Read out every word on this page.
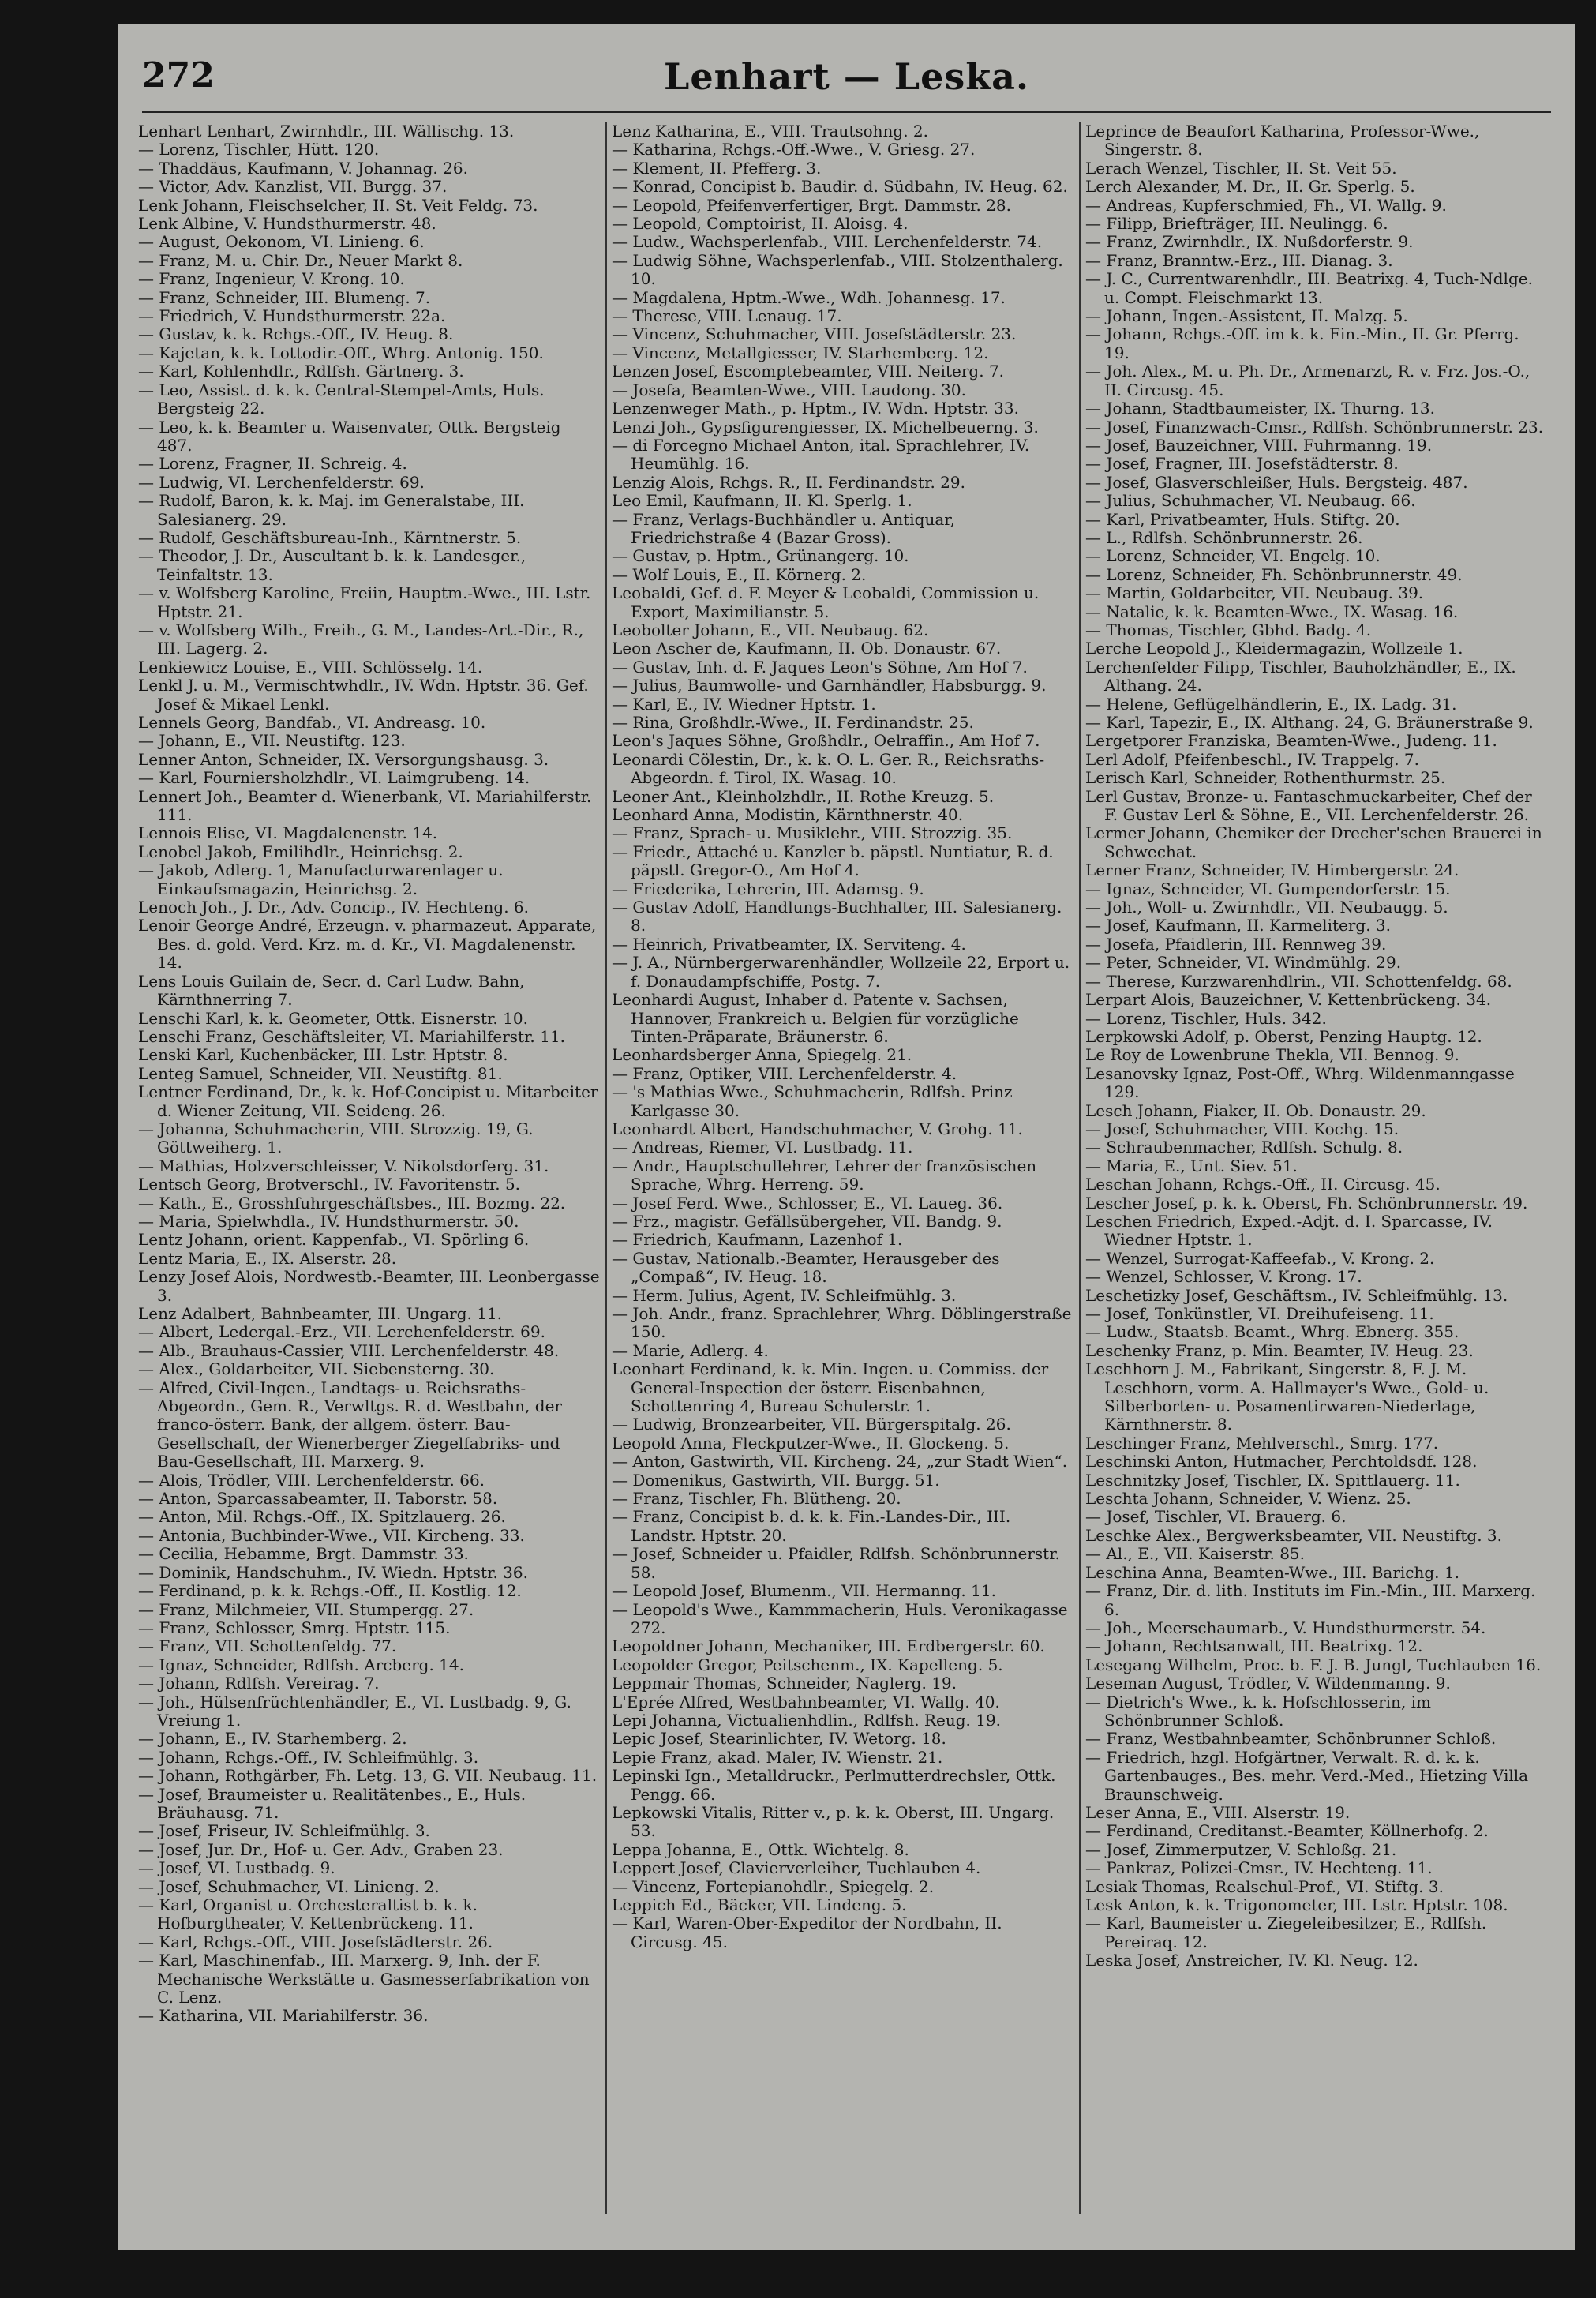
272	Lenhart — Leska.

Lenhart Lenhart, Zwirnhdlr., III. Wällischg. 13.

— Lorenz, Tischler, Hütt. 120.

— Thaddäus, Kaufmann, V. Johannag. 26.

— Victor, Adv. Kanzlist, VII. Burgg. 37.

Lenk Johann, Fleischselcher, II. St. Veit Feldg. 73.

Lenk Albine, V. Hundsthurmerstr. 48.

— August, Oekonom, VI. Linieng. 6.

— Franz, M. u. Chir. Dr., Neuer Markt 8.

— Franz, Ingenieur, V. Krong. 10.

— Franz, Schneider, III. Blumeng. 7.

— Friedrich, V. Hundsthurmerstr. 22a.

— Gustav, k. k. Rchgs.-Off., IV. Heug. 8.

— Kajetan, k. k. Lottodir.-Off., Whrg. Antonig. 150.

— Karl, Kohlenhdlr., Rdlfsh. Gärtnerg. 3.

— Leo, Assist. d. k. k. Central-Stempel-Amts, Huls. Bergsteig 22.

— Leo, k. k. Beamter u. Waisenvater, Ottk. Bergsteig 487.

— Lorenz, Fragner, II. Schreig. 4.

— Ludwig, VI. Lerchenfelderstr. 69.

— Rudolf, Baron, k. k. Maj. im Generalstabe, III. Salesianerg. 29.

— Rudolf, Geschäftsbureau-Inh., Kärntnerstr. 5.

— Theodor, J. Dr., Auscultant b. k. k. Landesger., Teinfaltstr. 13.

— v. Wolfsberg Karoline, Freiin, Hauptm.-Wwe., III. Lstr. Hptstr. 21.

— v. Wolfsberg Wilh., Freih., G. M., Landes-Art.-Dir., R., III. Lagerg. 2.

Lenkiewicz Louise, E., VIII. Schlösselg. 14.

Lenkl J. u. M., Vermischtwhdlr., IV. Wdn. Hptstr. 36. Gef. Josef & Mikael Lenkl.

Lennels Georg, Bandfab., VI. Andreasg. 10.

— Johann, E., VII. Neustiftg. 123.

Lenner Anton, Schneider, IX. Versorgungshausg. 3.

— Karl, Fourniersholzhdlr., VI. Laimgrubeng. 14.

Lennert Joh., Beamter d. Wienerbank, VI. Mariahilferstr. 111.

Lennois Elise, VI. Magdalenenstr. 14.

Lenobel Jakob, Emilihdlr., Heinrichsg. 2.

— Jakob, Adlerg. 1, Manufacturwarenlager u. Einkaufsmagazin, Heinrichsg. 2.

Lenoch Joh., J. Dr., Adv. Concip., IV. Hechteng. 6.

Lenoir George André, Erzeugn. v. pharmazeut. Apparate, Bes. d. gold. Verd. Krz. m. d. Kr., VI. Magdalenenstr. 14.

Lens Louis Guilain de, Secr. d. Carl Ludw. Bahn, Kärnthnerring 7.

Lenschi Karl, k. k. Geometer, Ottk. Eisnerstr. 10.

Lenschi Franz, Geschäftsleiter, VI. Mariahilferstr. 11.

Lenski Karl, Kuchenbäcker, III. Lstr. Hptstr. 8.

Lenteg Samuel, Schneider, VII. Neustiftg. 81.

Lentner Ferdinand, Dr., k. k. Hof-Concipist u. Mitarbeiter d. Wiener Zeitung, VII. Seideng. 26.

— Johanna, Schuhmacherin, VIII. Strozzig. 19, G. Göttweiherg. 1.

— Mathias, Holzverschleisser, V. Nikolsdorferg. 31.

Lentsch Georg, Brotverschl., IV. Favoritenstr. 5.

— Kath., E., Grosshfuhrgeschäftsbes., III. Bozmg. 22.

— Maria, Spielwhdla., IV. Hundsthurmerstr. 50.

Lentz Johann, orient. Kappenfab., VI. Spörling 6.

Lentz Maria, E., IX. Alserstr. 28.

Lenzy Josef Alois, Nordwestb.-Beamter, III. Leonbergasse 3.

Lenz Adalbert, Bahnbeamter, III. Ungarg. 11.

— Albert, Ledergal.-Erz., VII. Lerchenfelderstr. 69.

— Alb., Brauhaus-Cassier, VIII. Lerchenfelderstr. 48.

— Alex., Goldarbeiter, VII. Siebensterng. 30.

— Alfred, Civil-Ingen., Landtags- u. Reichsraths-Abgeordn., Gem. R., Verwltgs. R. d. Westbahn, der franco-österr. Bank, der allgem. österr. Bau-Gesellschaft, der Wienerberger Ziegelfabriks- und Bau-Gesellschaft, III. Marxerg. 9.

— Alois, Trödler, VIII. Lerchenfelderstr. 66.

— Anton, Sparcassabeamter, II. Taborstr. 58.

— Anton, Mil. Rchgs.-Off., IX. Spitzlauerg. 26.

— Antonia, Buchbinder-Wwe., VII. Kircheng. 33.

— Cecilia, Hebamme, Brgt. Dammstr. 33.

— Dominik, Handschuhm., IV. Wiedn. Hptstr. 36.

— Ferdinand, p. k. k. Rchgs.-Off., II. Kostlig. 12.

— Franz, Milchmeier, VII. Stumpergg. 27.

— Franz, Schlosser, Smrg. Hptstr. 115.

— Franz, VII. Schottenfeldg. 77.

— Ignaz, Schneider, Rdlfsh. Arcberg. 14.

— Johann, Rdlfsh. Vereirag. 7.

— Joh., Hülsenfrüchtenhändler, E., VI. Lustbadg. 9, G. Vreiung 1.

— Johann, E., IV. Starhemberg. 2.

— Johann, Rchgs.-Off., IV. Schleifmühlg. 3.

— Johann, Rothgärber, Fh. Letg. 13, G. VII. Neubaug. 11.

— Josef, Braumeister u. Realitätenbes., E., Huls. Bräuhausg. 71.

— Josef, Friseur, IV. Schleifmühlg. 3.

— Josef, Jur. Dr., Hof- u. Ger. Adv., Graben 23.

— Josef, VI. Lustbadg. 9.

— Josef, Schuhmacher, VI. Linieng. 2.

— Karl, Organist u. Orchesteraltist b. k. k. Hofburgtheater, V. Kettenbrückeng. 11.

— Karl, Rchgs.-Off., VIII. Josefstädterstr. 26.

— Karl, Maschinenfab., III. Marxerg. 9, Inh. der F. Mechanische Werkstätte u. Gasmesserfabrikation von C. Lenz.

— Katharina, VII. Mariahilferstr. 36.

Lenz Katharina, E., VIII. Trautsohng. 2.

— Katharina, Rchgs.-Off.-Wwe., V. Griesg. 27.

— Klement, II. Pfefferg. 3.

— Konrad, Concipist b. Baudir. d. Südbahn, IV. Heug. 62.

— Leopold, Pfeifenverfertiger, Brgt. Dammstr. 28.

— Leopold, Comptoirist, II. Aloisg. 4.

— Ludw., Wachsperlenfab., VIII. Lerchenfelderstr. 74.

— Ludwig Söhne, Wachsperlenfab., VIII. Stolzenthalerg. 10.

— Magdalena, Hptm.-Wwe., Wdh. Johannesg. 17.

— Therese, VIII. Lenaug. 17.

— Vincenz, Schuhmacher, VIII. Josefstädterstr. 23.

— Vincenz, Metallgiesser, IV. Starhemberg. 12.

Lenzen Josef, Escomptebeamter, VIII. Neiterg. 7.

— Josefa, Beamten-Wwe., VIII. Laudong. 30.

Lenzenweger Math., p. Hptm., IV. Wdn. Hptstr. 33.

Lenzi Joh., Gypsfigurengiesser, IX. Michelbeuerng. 3.

— di Forcegno Michael Anton, ital. Sprachlehrer, IV. Heumühlg. 16.

Lenzig Alois, Rchgs. R., II. Ferdinandstr. 29.

Leo Emil, Kaufmann, II. Kl. Sperlg. 1.

— Franz, Verlags-Buchhändler u. Antiquar, Friedrichstraße 4 (Bazar Gross).

— Gustav, p. Hptm., Grünangerg. 10.

— Wolf Louis, E., II. Körnerg. 2.

Leobaldi, Gef. d. F. Meyer & Leobaldi, Commission u. Export, Maximilianstr. 5.

Leobolter Johann, E., VII. Neubaug. 62.

Leon Ascher de, Kaufmann, II. Ob. Donaustr. 67.

— Gustav, Inh. d. F. Jaques Leon's Söhne, Am Hof 7.

— Julius, Baumwolle- und Garnhändler, Habsburgg. 9.

— Karl, E., IV. Wiedner Hptstr. 1.

— Rina, Großhdlr.-Wwe., II. Ferdinandstr. 25.

Leon's Jaques Söhne, Großhdlr., Oelraffin., Am Hof 7.

Leonardi Cölestin, Dr., k. k. O. L. Ger. R., Reichsraths-Abgeordn. f. Tirol, IX. Wasag. 10.

Leoner Ant., Kleinholzhdlr., II. Rothe Kreuzg. 5.

Leonhard Anna, Modistin, Kärnthnerstr. 40.

— Franz, Sprach- u. Musiklehr., VIII. Strozzig. 35.

— Friedr., Attaché u. Kanzler b. päpstl. Nuntiatur, R. d. päpstl. Gregor-O., Am Hof 4.

— Friederika, Lehrerin, III. Adamsg. 9.

— Gustav Adolf, Handlungs-Buchhalter, III. Salesianerg. 8.

— Heinrich, Privatbeamter, IX. Serviteng. 4.

— J. A., Nürnbergerwarenhändler, Wollzeile 22, Erport u. f. Donaudampfschiffe, Postg. 7.

Leonhardi August, Inhaber d. Patente v. Sachsen, Hannover, Frankreich u. Belgien für vorzügliche Tinten-Präparate, Bräunerstr. 6.

Leonhardsberger Anna, Spiegelg. 21.

— Franz, Optiker, VIII. Lerchenfelderstr. 4.

— 's Mathias Wwe., Schuhmacherin, Rdlfsh. Prinz Karlgasse 30.

Leonhardt Albert, Handschuhmacher, V. Grohg. 11.

— Andreas, Riemer, VI. Lustbadg. 11.

— Andr., Hauptschullehrer, Lehrer der französischen Sprache, Whrg. Herreng. 59.

— Josef Ferd. Wwe., Schlosser, E., VI. Laueg. 36.

— Frz., magistr. Gefällsübergeher, VII. Bandg. 9.

— Friedrich, Kaufmann, Lazenhof 1.

— Gustav, Nationalb.-Beamter, Herausgeber des „Compaß“, IV. Heug. 18.

— Herm. Julius, Agent, IV. Schleifmühlg. 3.

— Joh. Andr., franz. Sprachlehrer, Whrg. Döblingerstraße 150.

— Marie, Adlerg. 4.

Leonhart Ferdinand, k. k. Min. Ingen. u. Commiss. der General-Inspection der österr. Eisenbahnen, Schottenring 4, Bureau Schulerstr. 1.

— Ludwig, Bronzearbeiter, VII. Bürgerspitalg. 26.

Leopold Anna, Fleckputzer-Wwe., II. Glockeng. 5.

— Anton, Gastwirth, VII. Kircheng. 24, „zur Stadt Wien“.

— Domenikus, Gastwirth, VII. Burgg. 51.

— Franz, Tischler, Fh. Blütheng. 20.

— Franz, Concipist b. d. k. k. Fin.-Landes-Dir., III. Landstr. Hptstr. 20.

— Josef, Schneider u. Pfaidler, Rdlfsh. Schönbrunnerstr. 58.

— Leopold Josef, Blumenm., VII. Hermanng. 11.

— Leopold's Wwe., Kammmacherin, Huls. Veronikagasse 272.

Leopoldner Johann, Mechaniker, III. Erdbergerstr. 60.

Leopolder Gregor, Peitschenm., IX. Kapelleng. 5.

Leppmair Thomas, Schneider, Naglerg. 19.

L'Eprée Alfred, Westbahnbeamter, VI. Wallg. 40.

Lepi Johanna, Victualienhdlin., Rdlfsh. Reug. 19.

Lepic Josef, Stearinlichter, IV. Wetorg. 18.

Lepie Franz, akad. Maler, IV. Wienstr. 21.

Lepinski Ign., Metalldruckr., Perlmutterdrechsler, Ottk. Pengg. 66.

Lepkowski Vitalis, Ritter v., p. k. k. Oberst, III. Ungarg. 53.

Leppa Johanna, E., Ottk. Wichtelg. 8.

Leppert Josef, Clavierverleiher, Tuchlauben 4.

— Vincenz, Fortepianohdlr., Spiegelg. 2.

Leppich Ed., Bäcker, VII. Lindeng. 5.

— Karl, Waren-Ober-Expeditor der Nordbahn, II. Circusg. 45.

Leprince de Beaufort Katharina, Professor-Wwe., Singerstr. 8.

Lerach Wenzel, Tischler, II. St. Veit 55.

Lerch Alexander, M. Dr., II. Gr. Sperlg. 5.

— Andreas, Kupferschmied, Fh., VI. Wallg. 9.

— Filipp, Briefträger, III. Neulingg. 6.

— Franz, Zwirnhdlr., IX. Nußdorferstr. 9.

— Franz, Branntw.-Erz., III. Dianag. 3.

— J. C., Currentwarenhdlr., III. Beatrixg. 4, Tuch-Ndlge. u. Compt. Fleischmarkt 13.

— Johann, Ingen.-Assistent, II. Malzg. 5.

— Johann, Rchgs.-Off. im k. k. Fin.-Min., II. Gr. Pferrg. 19.

— Joh. Alex., M. u. Ph. Dr., Armenarzt, R. v. Frz. Jos.-O., II. Circusg. 45.

— Johann, Stadtbaumeister, IX. Thurng. 13.

— Josef, Finanzwach-Cmsr., Rdlfsh. Schönbrunnerstr. 23.

— Josef, Bauzeichner, VIII. Fuhrmanng. 19.

— Josef, Fragner, III. Josefstädterstr. 8.

— Josef, Glasverschleißer, Huls. Bergsteig. 487.

— Julius, Schuhmacher, VI. Neubaug. 66.

— Karl, Privatbeamter, Huls. Stiftg. 20.

— L., Rdlfsh. Schönbrunnerstr. 26.

— Lorenz, Schneider, VI. Engelg. 10.

— Lorenz, Schneider, Fh. Schönbrunnerstr. 49.

— Martin, Goldarbeiter, VII. Neubaug. 39.

— Natalie, k. k. Beamten-Wwe., IX. Wasag. 16.

— Thomas, Tischler, Gbhd. Badg. 4.

Lerche Leopold J., Kleidermagazin, Wollzeile 1.

Lerchenfelder Filipp, Tischler, Bauholzhändler, E., IX. Althang. 24.

— Helene, Geflügelhändlerin, E., IX. Ladg. 31.

— Karl, Tapezir, E., IX. Althang. 24, G. Bräunerstraße 9.

Lergetporer Franziska, Beamten-Wwe., Judeng. 11.

Lerl Adolf, Pfeifenbeschl., IV. Trappelg. 7.

Lerisch Karl, Schneider, Rothenthurmstr. 25.

Lerl Gustav, Bronze- u. Fantaschmuckarbeiter, Chef der F. Gustav Lerl & Söhne, E., VII. Lerchenfelderstr. 26.

Lermer Johann, Chemiker der Drecher'schen Brauerei in Schwechat.

Lerner Franz, Schneider, IV. Himbergerstr. 24.

— Ignaz, Schneider, VI. Gumpendorferstr. 15.

— Joh., Woll- u. Zwirnhdlr., VII. Neubaugg. 5.

— Josef, Kaufmann, II. Karmeliterg. 3.

— Josefa, Pfaidlerin, III. Rennweg 39.

— Peter, Schneider, VI. Windmühlg. 29.

— Therese, Kurzwarenhdlrin., VII. Schottenfeldg. 68.

Lerpart Alois, Bauzeichner, V. Kettenbrückeng. 34.

— Lorenz, Tischler, Huls. 342.

Lerpkowski Adolf, p. Oberst, Penzing Hauptg. 12.

Le Roy de Lowenbrune Thekla, VII. Bennog. 9.

Lesanovsky Ignaz, Post-Off., Whrg. Wildenmanngasse 129.

Lesch Johann, Fiaker, II. Ob. Donaustr. 29.

— Josef, Schuhmacher, VIII. Kochg. 15.

— Schraubenmacher, Rdlfsh. Schulg. 8.

— Maria, E., Unt. Siev. 51.

Leschan Johann, Rchgs.-Off., II. Circusg. 45.

Lescher Josef, p. k. k. Oberst, Fh. Schönbrunnerstr. 49.

Leschen Friedrich, Exped.-Adjt. d. I. Sparcasse, IV. Wiedner Hptstr. 1.

— Wenzel, Surrogat-Kaffeefab., V. Krong. 2.

— Wenzel, Schlosser, V. Krong. 17.

Leschetizky Josef, Geschäftsm., IV. Schleifmühlg. 13.

— Josef, Tonkünstler, VI. Dreihufeiseng. 11.

— Ludw., Staatsb. Beamt., Whrg. Ebnerg. 355.

Leschenky Franz, p. Min. Beamter, IV. Heug. 23.

Leschhorn J. M., Fabrikant, Singerstr. 8, F. J. M. Leschhorn, vorm. A. Hallmayer's Wwe., Gold- u. Silberborten- u. Posamentirwaren-Niederlage, Kärnthnerstr. 8.

Leschinger Franz, Mehlverschl., Smrg. 177.

Leschinski Anton, Hutmacher, Perchtoldsdf. 128.

Leschnitzky Josef, Tischler, IX. Spittlauerg. 11.

Leschta Johann, Schneider, V. Wienz. 25.

— Josef, Tischler, VI. Brauerg. 6.

Leschke Alex., Bergwerksbeamter, VII. Neustiftg. 3.

— Al., E., VII. Kaiserstr. 85.

Leschina Anna, Beamten-Wwe., III. Barichg. 1.

— Franz, Dir. d. lith. Instituts im Fin.-Min., III. Marxerg. 6.

— Joh., Meerschaumarb., V. Hundsthurmerstr. 54.

— Johann, Rechtsanwalt, III. Beatrixg. 12.

Lesegang Wilhelm, Proc. b. F. J. B. Jungl, Tuchlauben 16.

Leseman August, Trödler, V. Wildenmanng. 9.

— Dietrich's Wwe., k. k. Hofschlosserin, im Schönbrunner Schloß.

— Franz, Westbahnbeamter, Schönbrunner Schloß.

— Friedrich, hzgl. Hofgärtner, Verwalt. R. d. k. k. Gartenbauges., Bes. mehr. Verd.-Med., Hietzing Villa Braunschweig.

Leser Anna, E., VIII. Alserstr. 19.

— Ferdinand, Creditanst.-Beamter, Köllnerhofg. 2.

— Josef, Zimmerputzer, V. Schloßg. 21.

— Pankraz, Polizei-Cmsr., IV. Hechteng. 11.

Lesiak Thomas, Realschul-Prof., VI. Stiftg. 3.

Lesk Anton, k. k. Trigonometer, III. Lstr. Hptstr. 108.

— Karl, Baumeister u. Ziegeleibesitzer, E., Rdlfsh. Pereiraq. 12.

Leska Josef, Anstreicher, IV. Kl. Neug. 12.
